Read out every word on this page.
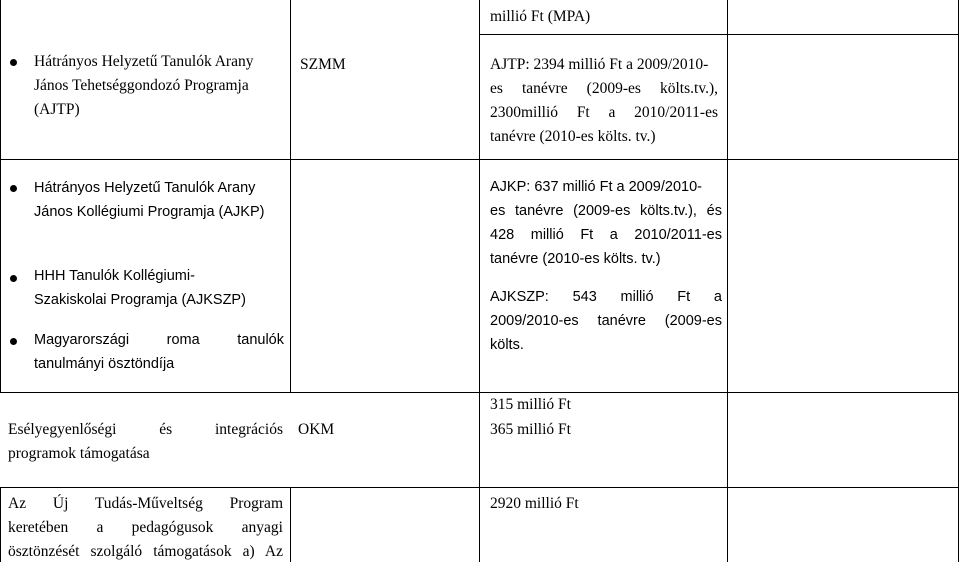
millió Ft (MPA)
Hátrányos Helyzetű Tanulók Arany
János Tehetséggondozó Programja
(AJTP)
SZMM	AJTP: 2394 millió Ft a 2009/2010-
es tanévre (2009-es költs.tv.),
2300millió Ft a 2010/2011-es
tanévre (2010-es költs. tv.)
Hátrányos Helyzetű Tanulók Arany
János Kollégiumi Programja (AJKP)
HHH Tanulók Kollégiumi-
Szakiskolai Programja (AJKSZP)
Magyarországi roma tanulók
tanulmányi ösztöndíja
AJKP: 637 millió Ft a 2009/2010-
es tanévre (2009-es költs.tv.), és
428 millió Ft a 2010/2011-es
tanévre (2010-es költs. tv.)
AJKSZP: 543 millió Ft a
2009/2010-es tanévre (2009-es
költs.
315 millió Ft
Esélyegyenlőségi és integrációs
programok támogatása
OKM	365 millió Ft
Az Új Tudás-Műveltség Program
keretében a pedagógusok anyagi
ösztönzését szolgáló támogatások a) Az
2920 millió Ft
